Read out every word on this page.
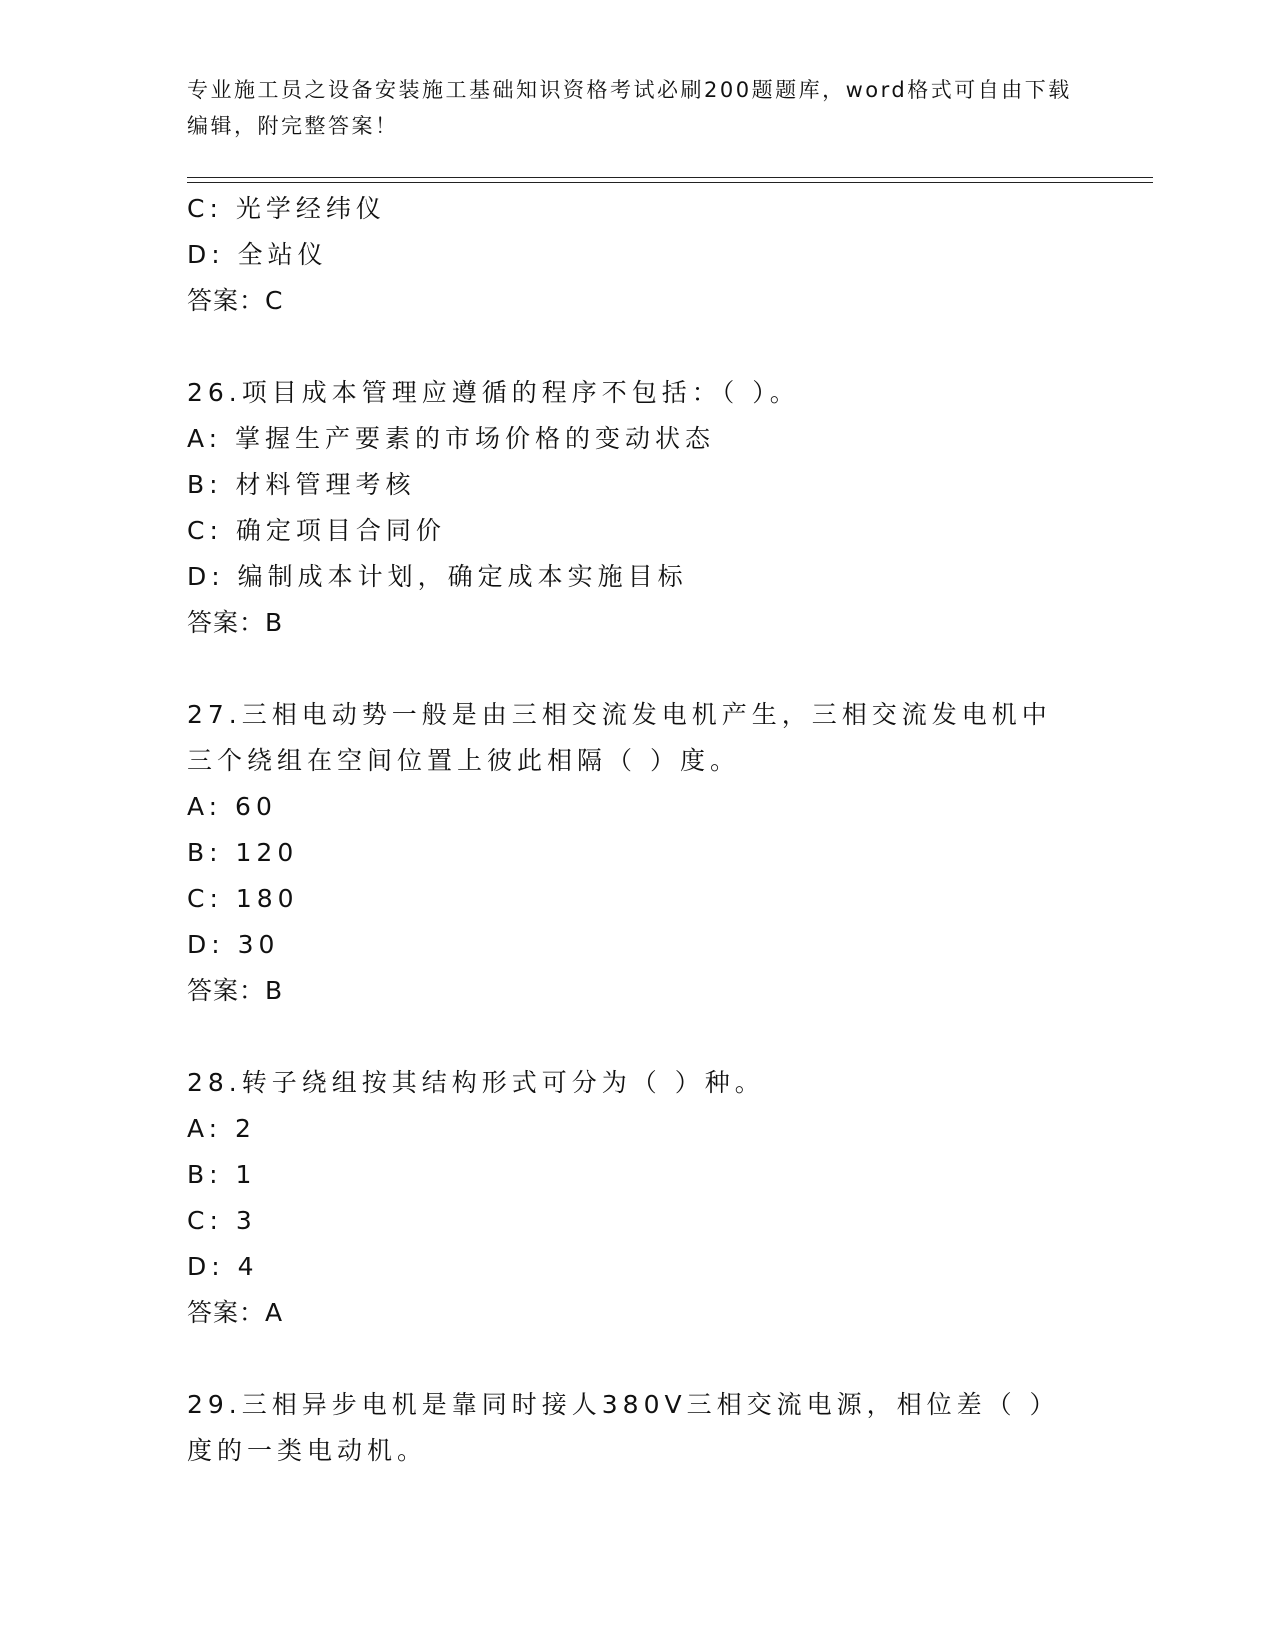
专业施工员之设备安装施工基础知识资格考试必刷200题题库，word格式可自由下载编辑，附完整答案！
C: 光学经纬仪
D: 全站仪
答案：C
26.项目成本管理应遵循的程序不包括：（ ）。
A: 掌握生产要素的市场价格的变动状态
B: 材料管理考核
C: 确定项目合同价
D: 编制成本计划，确定成本实施目标
答案：B
27.三相电动势一般是由三相交流发电机产生，三相交流发电机中三个绕组在空间位置上彼此相隔（ ）度。
A: 60
B: 120
C: 180
D: 30
答案：B
28.转子绕组按其结构形式可分为（ ）种。
A: 2
B: 1
C: 3
D: 4
答案：A
29.三相异步电机是靠同时接人380V三相交流电源，相位差（ ）度的一类电动机。
